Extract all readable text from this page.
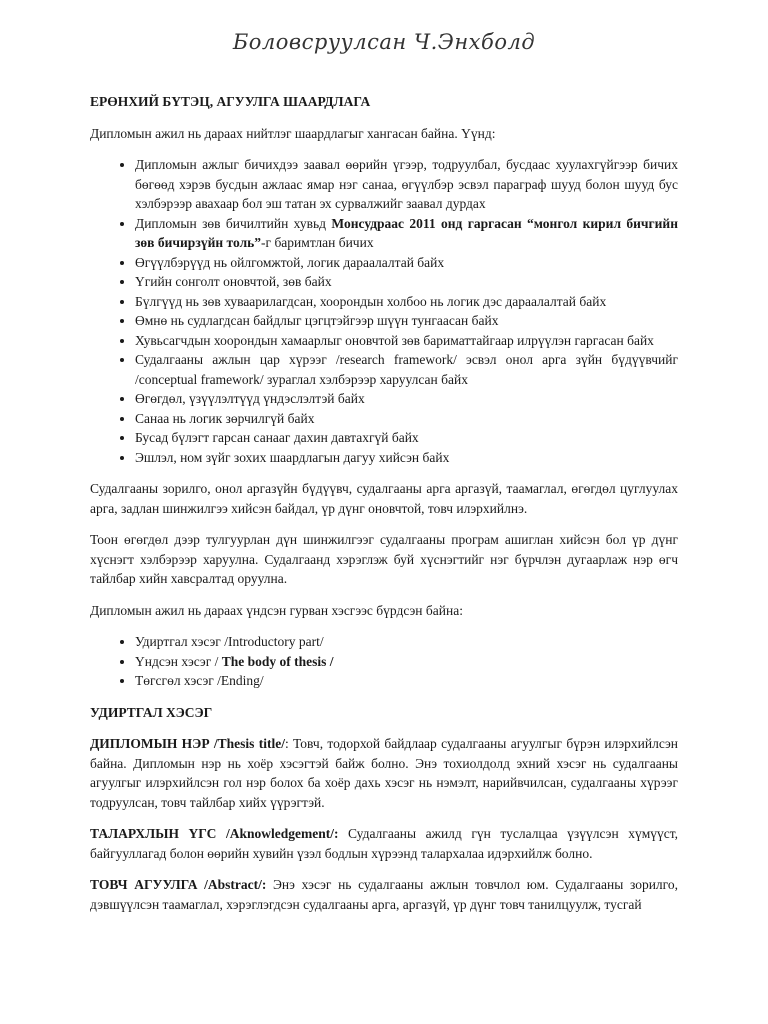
Боловсруулсан Ч.Энхболд
ЕРӨНХИЙ БҮТЭЦ, АГУУЛГА ШААРДЛАГА

Дипломын ажил нь дараах нийтлэг шаардлагыг хангасан байна. Үүнд:

• Дипломын ажлыг бичихдээ заавал өөрийн үгээр, тодруулбал, бусдаас хуулахгүйгээр бичих бөгөөд хэрэв бусдын ажлаас ямар нэг санаа, өгүүлбэр эсвэл параграф шууд болон шууд бус хэлбэрээр авахаар бол эш татан эх сурвалжийг заавал дурдах
• Дипломын зөв бичилтийн хувьд Монсудраас 2011 онд гаргасан “монгол кирил бичгийн зөв бичирзүйн толь”-г баримтлан бичих
• Өгүүлбэрүүд нь ойлгомжтой, логик дараалалтай байх
• Үгийн сонголт оновчтой, зөв байх
• Бүлгүүд нь зөв хуваарилагдсан, хоорондын холбоо нь логик дэс дараалалтай байх
• Өмнө нь судлагдсан байдлыг цэгцтэйгээр шүүн тунгаасан байх
• Хувьсагчдын хоорондын хамаарлыг оновчтой зөв бариматтайгаар илрүүлэн гаргасан байх
• Судалгааны ажлын цар хүрээг /research framework/ эсвэл онол арга зүйн бүдүүвчийг /conceptual framework/ зураглал хэлбэрээр харуулсан байх
• Өгөгдөл, үзүүлэлтүүд үндэслэлтэй байх
• Санаа нь логик зөрчилгүй байх
• Бусад бүлэгт гарсан санааг дахин давтахгүй байх
• Эшлэл, ном зүйг зохих шаардлагын дагуу хийсэн байх

Судалгааны зорилго, онол аргазүйн бүдүүвч, судалгааны арга аргазүй, таамаглал, өгөгдөл цуглуулах арга, задлан шинжилгээ хийсэн байдал, үр дүнг оновчтой, товч илэрхийлнэ.

Тоон өгөгдөл дээр тулгуурлан дүн шинжилгээг судалгааны програм ашиглан хийсэн бол үр дүнг хүснэгт хэлбэрээр харуулна. Судалгаанд хэрэглэж буй хүснэгтийг нэг бүрчлэн дугаарлаж нэр өгч тайлбар хийн хавсралтад оруулна.

Дипломын ажил нь дараах үндсэн гурван хэсгээс бүрдсэн байна:

• Удиртгал хэсэг /Introductory part/
• Үндсэн хэсэг / The body of thesis /
• Төгсгөл хэсэг /Ending/
УДИРТГАЛ ХЭСЭГ

ДИПЛОМЫН НЭР /Thesis title/: Товч, тодорхой байдлаар судалгааны агуулгыг бүрэн илэрхийлсэн байна. Дипломын нэр нь хоёр хэсэгтэй байж болно. Энэ тохиолдолд эхний хэсэг нь судалгааны агуулгыг илэрхийлсэн гол нэр болох ба хоёр дахь хэсэг нь нэмэлт, нарийвчилсан, судалгааны хүрээг тодруулсан, товч тайлбар хийх үүрэгтэй.

ТАЛАРХЛЫН ҮГС /Aknowledgement/: Судалгааны ажилд гүн туслалцаа үзүүлсэн хүмүүст, байгууллагад болон өөрийн хувийн үзэл бодлын хүрээнд талархалаа идэрхийлж болно.

ТОВЧ АГУУЛГА /Abstract/: Энэ хэсэг нь судалгааны ажлын товчлол юм. Судалгааны зорилго, дэвшүүлсэн таамаглал, хэрэглэгдсэн судалгааны арга, аргазүй, үр дүнг товч танилцуулж, тусгай
